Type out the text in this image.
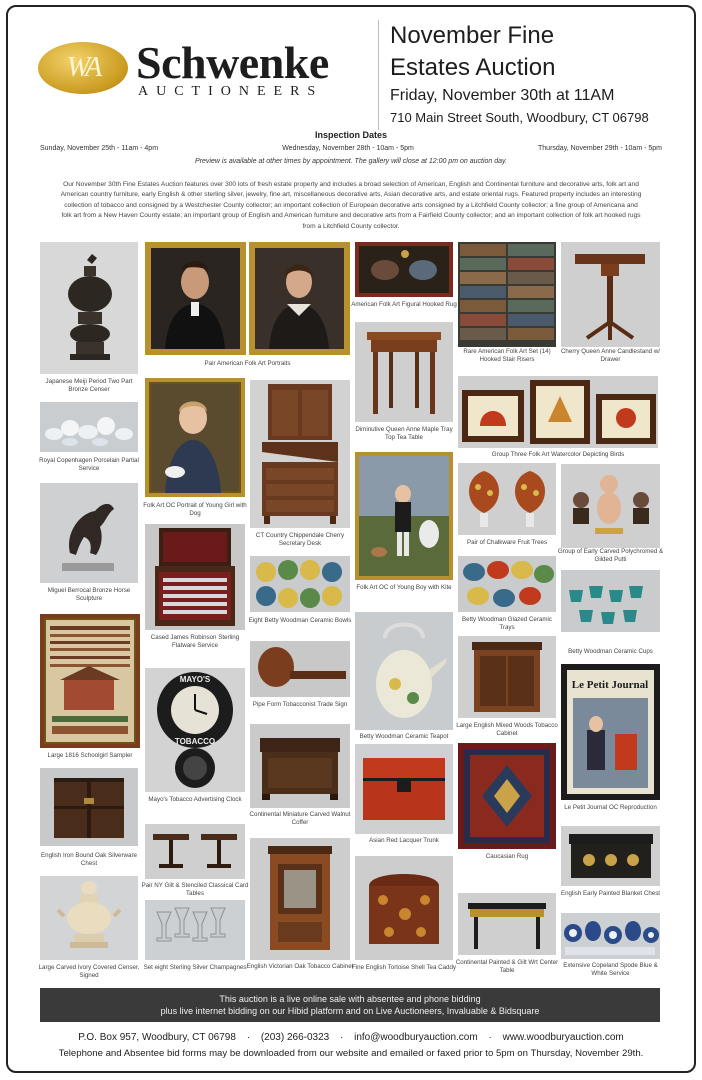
WA Schwenke
AUCTIONEERS
November Fine
Estates Auction
Friday, November 30th at 11AM
710 Main Street South, Woodbury, CT 06798
Inspection Dates
Sunday, November 25th - 11am - 4pm	Wednesday, November 28th - 10am - 5pm	Thursday, November 29th - 10am - 5pm
Preview is available at other times by appointment. The gallery will close at 12:00 pm on auction day.
Our November 30th Fine Estates Auction features over 300 lots of fresh estate property and includes a broad selection of American, English and Continental furniture and decorative arts, folk art and American country furniture, early English & other sterling silver, jewelry, fine art, miscellaneous decorative arts, Asian decorative arts, and estate oriental rugs. Featured property includes an interesting collection of tobacco and consigned by a Westchester County collector; an important collection of European decorative arts consigned by a Litchfield County collector; a fine group of Americana and folk art from a New Haven County estate; an important group of English and American furniture and decorative arts from a Fairfield County collector; and an important collection of folk art hooked rugs from a Litchfield County collector.
Japanese Meiji Period Two Part Bronze Censer
Royal Copenhagen Porcelain Partial Service
Miguel Berrocal Bronze Horse Sculpture
Large 1816 Schoolgirl Sampler
English Iron Bound Oak Silverware Chest
Large Carved Ivory Covered Censer, Signed
Pair American Folk Art Portraits
Folk Art OC Portrait of Young Girl with Dog
Cased James Robinson Sterling Flatware Service
MAYO'S
TOBACCO
Mayo's Tobacco Advertising Clock
Pair NY Gilt & Stenciled Classical Card Tables
Set eight Sterling Silver Champagnes
CT Country Chippendale Cherry Secretary Desk
Eight Betty Woodman Ceramic Bowls
Pipe Form Tobacconist Trade Sign
Continental Miniature Carved Walnut Coffer
English Victorian Oak Tobacco Cabinet
American Folk Art Figural Hooked Rug
Diminutive Queen Anne Maple Tray Top Tea Table
Folk Art OC of Young Boy with Kite
Betty Woodman Ceramic Teapot
Asian Red Lacquer Trunk
Fine English Tortoise Shell Tea Caddy
Rare American Folk Art Set (14) Hooked Stair Risers
Group Three Folk Art Watercolor Depicting Birds
Pair of Chalkware Fruit Trees
Betty Woodman Glazed Ceramic Trays
Large English Mixed Woods Tobacco Cabinet
Caucasian Rug
Continental Painted & Gilt Wrt Center Table
Cherry Queen Anne Candlestand w/ Drawer
Group of Early Carved Polychromed & Gilded Putti
Betty Woodman Ceramic Cups
Le Petit Journal
Le Petit Journal OC Reproduction
English Early Painted Blanket Chest
Extensive Copeland Spode Blue & White Service
This auction is a live online sale with absentee and phone bidding
plus live internet bidding on our Hibid platform and on Live Auctioneers, Invaluable & Bidsquare
P.O. Box 957, Woodbury, CT 06798 · (203) 266-0323 · info@woodburyauction.com · www.woodburyauction.com
Telephone and Absentee bid forms may be downloaded from our website and emailed or faxed prior to 5pm on Thursday, November 29th.
